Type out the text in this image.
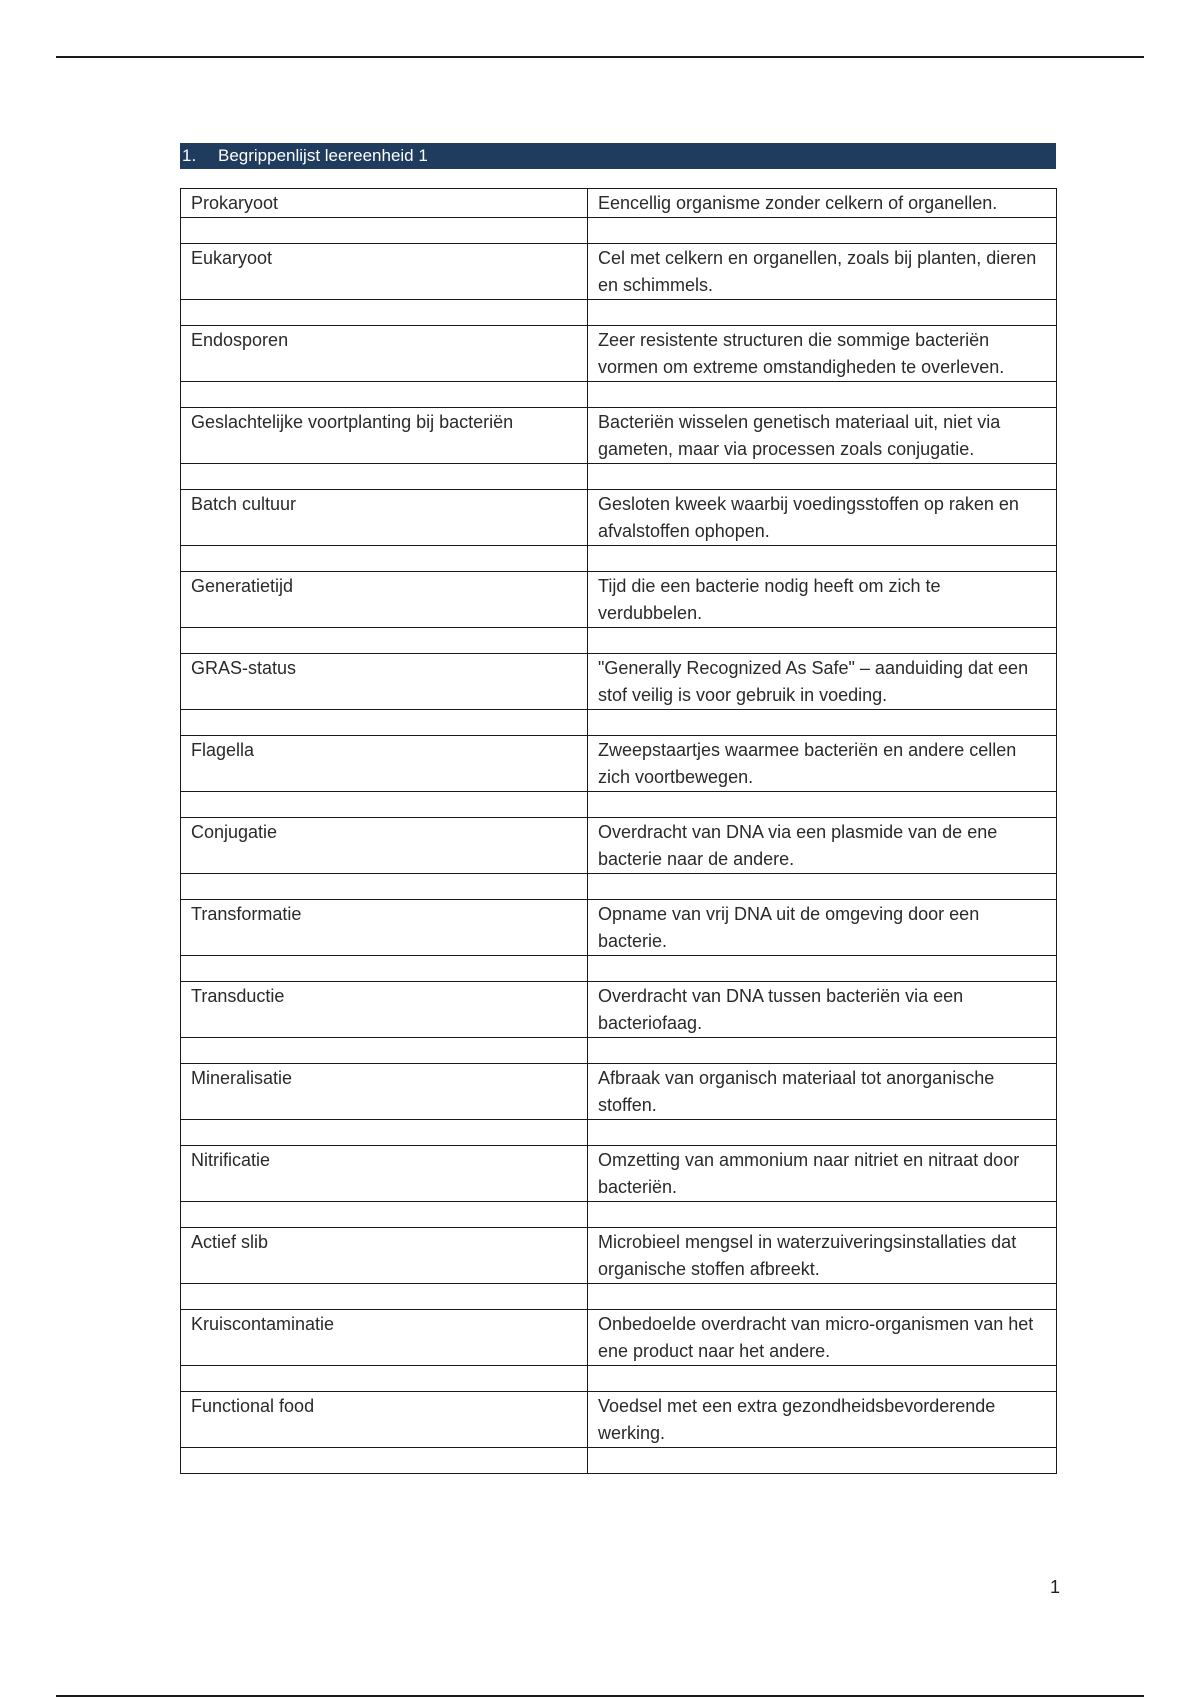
1. Begrippenlijst leereenheid 1
Prokaryoot	Eencellig organisme zonder celkern of organellen.

Eukaryoot	Cel met celkern en organellen, zoals bij planten, dieren en schimmels.

Endosporen	Zeer resistente structuren die sommige bacteriën vormen om extreme omstandigheden te overleven.

Geslachtelijke voortplanting bij bacteriën	Bacteriën wisselen genetisch materiaal uit, niet via gameten, maar via processen zoals conjugatie.

Batch cultuur	Gesloten kweek waarbij voedingsstoffen op raken en afvalstoffen ophopen.

Generatietijd	Tijd die een bacterie nodig heeft om zich te verdubbelen.

GRAS-status	"Generally Recognized As Safe" – aanduiding dat een stof veilig is voor gebruik in voeding.

Flagella	Zweepstaartjes waarmee bacteriën en andere cellen zich voortbewegen.

Conjugatie	Overdracht van DNA via een plasmide van de ene bacterie naar de andere.

Transformatie	Opname van vrij DNA uit de omgeving door een bacterie.

Transductie	Overdracht van DNA tussen bacteriën via een bacteriofaag.

Mineralisatie	Afbraak van organisch materiaal tot anorganische stoffen.

Nitrificatie	Omzetting van ammonium naar nitriet en nitraat door bacteriën.

Actief slib	Microbieel mengsel in waterzuiveringsinstallaties dat organische stoffen afbreekt.

Kruiscontaminatie	Onbedoelde overdracht van micro-organismen van het ene product naar het andere.

Functional food	Voedsel met een extra gezondheidsbevorderende werking.

1
